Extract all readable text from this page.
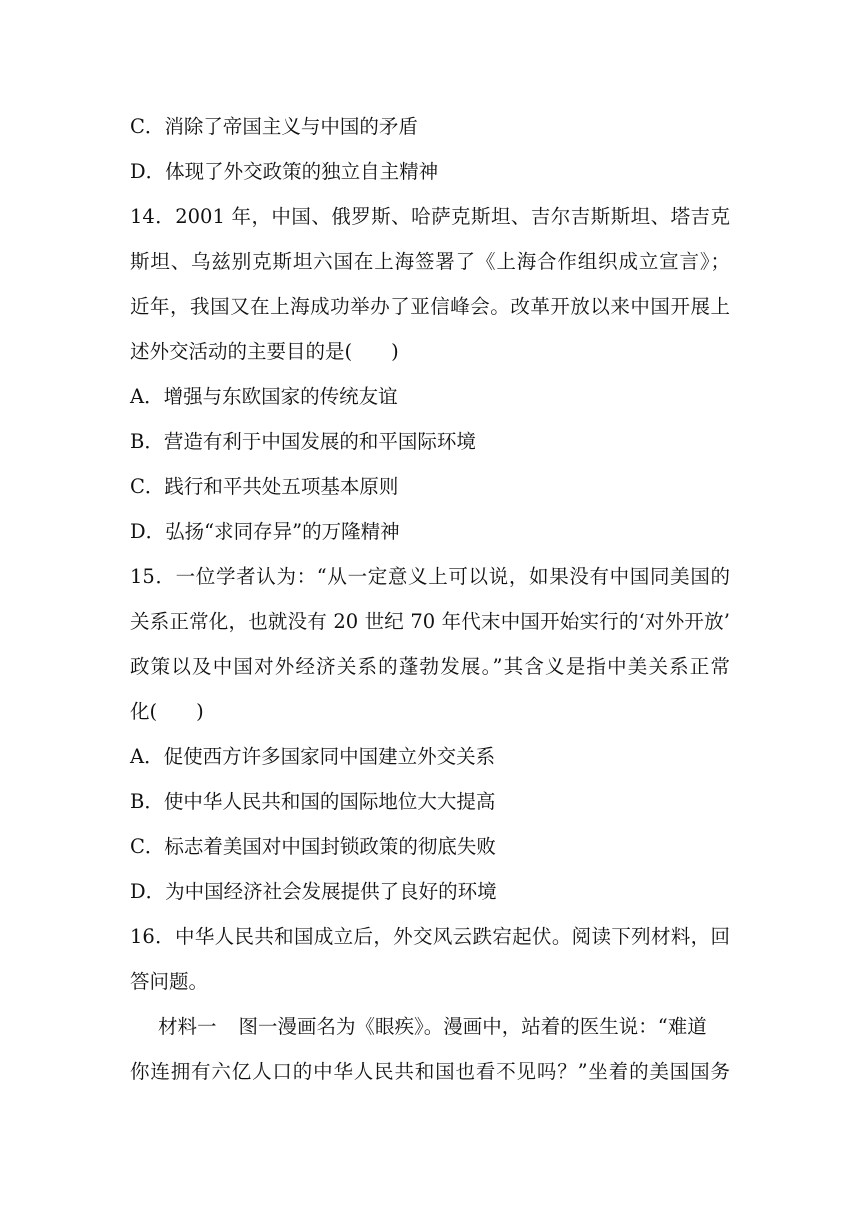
C．消除了帝国主义与中国的矛盾
D．体现了外交政策的独立自主精神
14．2001 年，中国、俄罗斯、哈萨克斯坦、吉尔吉斯斯坦、塔吉克
斯坦、乌兹别克斯坦六国在上海签署了《上海合作组织成立宣言》；
近年，我国又在上海成功举办了亚信峰会。改革开放以来中国开展上
述外交活动的主要目的是(　　)
A．增强与东欧国家的传统友谊
B．营造有利于中国发展的和平国际环境
C．践行和平共处五项基本原则
D．弘扬“求同存异”的万隆精神
15．一位学者认为：“从一定意义上可以说，如果没有中国同美国的
关系正常化，也就没有 20 世纪 70 年代末中国开始实行的‘对外开放’
政策以及中国对外经济关系的蓬勃发展。”其含义是指中美关系正常
化(　　)
A．促使西方许多国家同中国建立外交关系
B．使中华人民共和国的国际地位大大提高
C．标志着美国对中国封锁政策的彻底失败
D．为中国经济社会发展提供了良好的环境
16．中华人民共和国成立后，外交风云跌宕起伏。阅读下列材料，回
答问题。
材料一 图一漫画名为《眼疾》。漫画中，站着的医生说：“难道
你连拥有六亿人口的中华人民共和国也看不见吗？”坐着的美国国务
